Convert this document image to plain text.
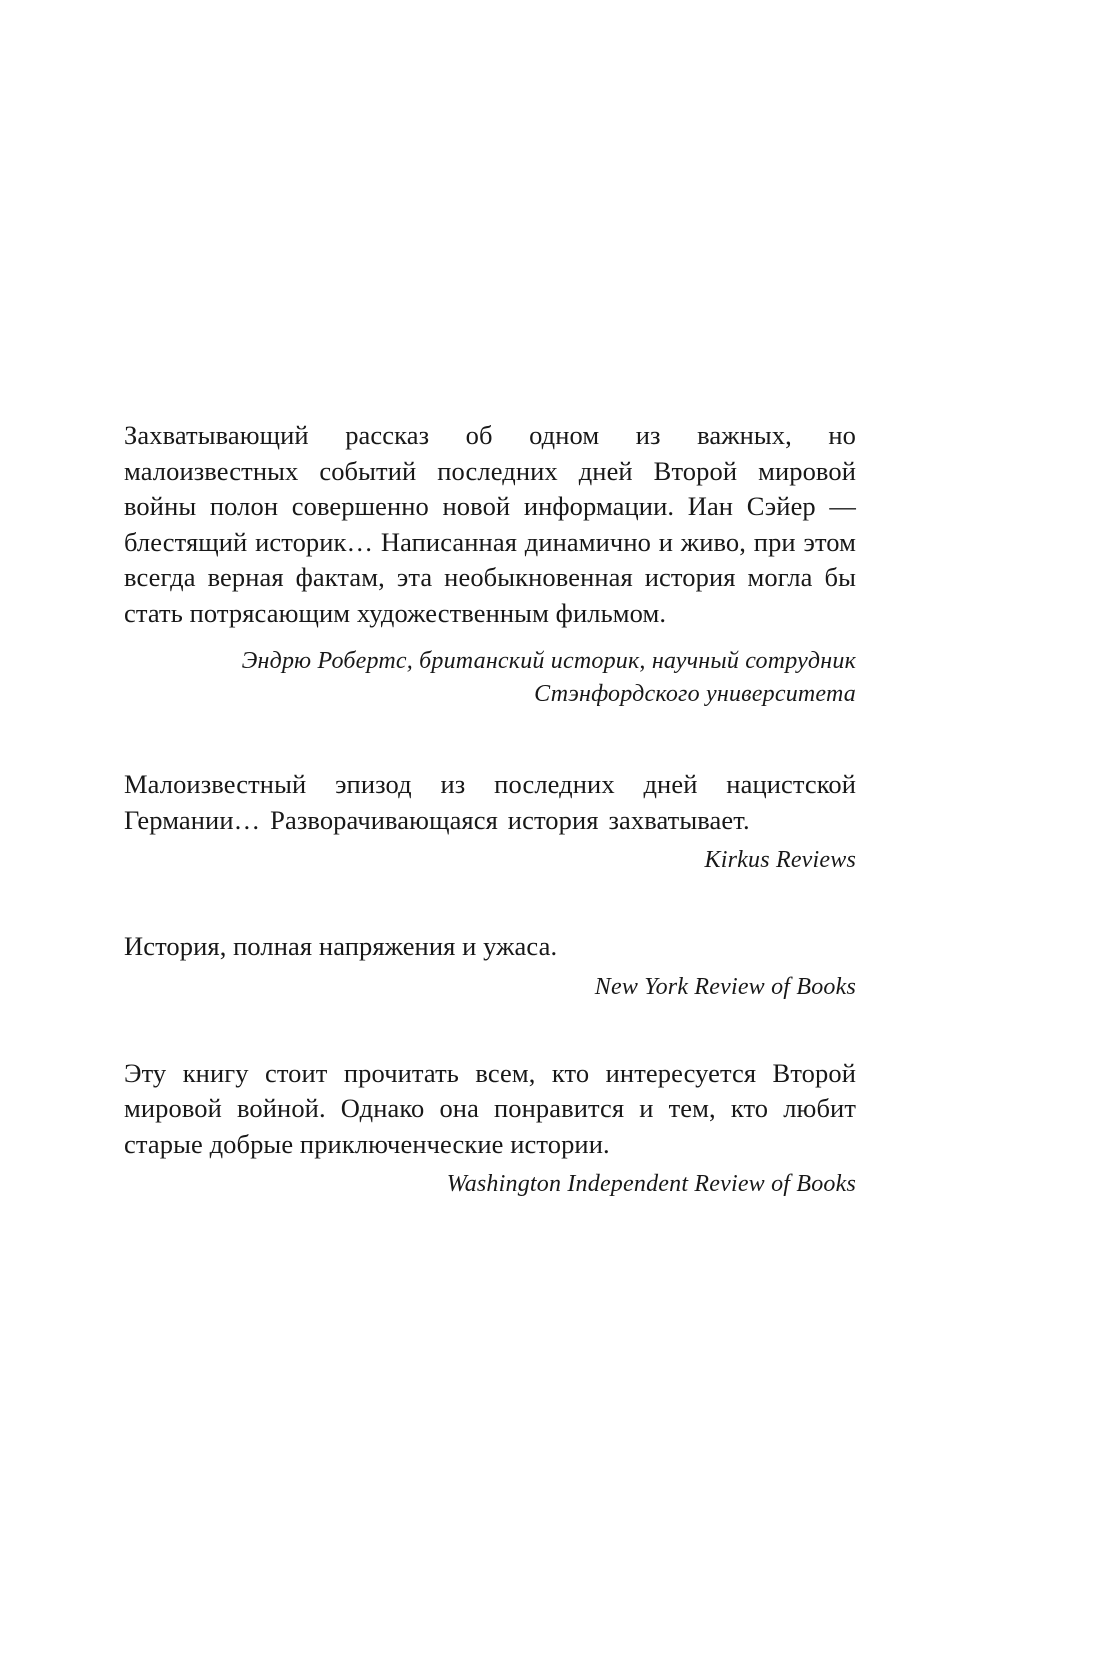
Захватывающий рассказ об одном из важных, но малоизвестных событий последних дней Второй мировой войны полон совершенно новой информации. Иан Сэйер — блестящий историк… Написанная динамично и живо, при этом всегда верная фактам, эта необыкновенная история могла бы стать потрясающим художественным фильмом.

Эндрю Робертс, британский историк, научный сотрудник

Стэнфордского университета

Малоизвестный эпизод из последних дней нацистской Германии… Разворачивающаяся история захватывает.

Kirkus Reviews

История, полная напряжения и ужаса.

New York Review of Books

Эту книгу стоит прочитать всем, кто интересуется Второй мировой войной. Однако она понравится и тем, кто любит старые добрые приключенческие истории.

Washington Independent Review of Books
